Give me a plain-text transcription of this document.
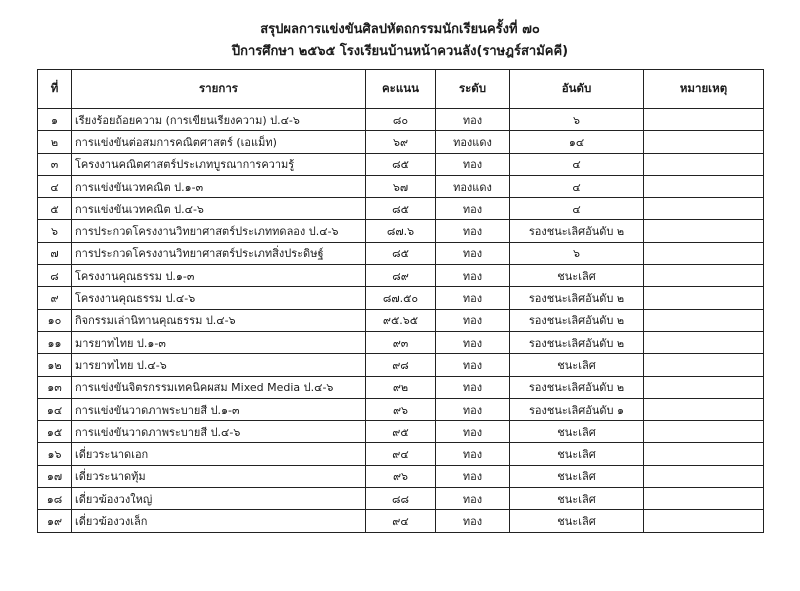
สรุปผลการแข่งขันศิลปหัตถกรรมนักเรียนครั้งที่ ๗๐
ปีการศึกษา ๒๕๖๕ โรงเรียนบ้านหน้าควนลัง(ราษฎร์สามัคคี)
ที่	รายการ	คะแนน	ระดับ	อันดับ	หมายเหตุ
๑	เรียงร้อยถ้อยความ (การเขียนเรียงความ) ป.๔-๖	๘๐	ทอง	๖	
๒	การแข่งขันต่อสมการคณิตศาสตร์ (เอแม็ท)	๖๙	ทองแดง	๑๔	
๓	โครงงานคณิตศาสตร์ประเภทบูรณาการความรู้	๘๕	ทอง	๔	
๔	การแข่งขันเวทคณิต ป.๑-๓	๖๗	ทองแดง	๔	
๕	การแข่งขันเวทคณิต ป.๔-๖	๘๕	ทอง	๔	
๖	การประกวดโครงงานวิทยาศาสตร์ประเภททดลอง ป.๔-๖	๘๗.๖	ทอง	รองชนะเลิศอันดับ ๒	
๗	การประกวดโครงงานวิทยาศาสตร์ประเภทสิ่งประดิษฐ์	๘๕	ทอง	๖	
๘	โครงงานคุณธรรม ป.๑-๓	๘๙	ทอง	ชนะเลิศ	
๙	โครงงานคุณธรรม ป.๔-๖	๘๗.๕๐	ทอง	รองชนะเลิศอันดับ ๒	
๑๐	กิจกรรมเล่านิทานคุณธรรม ป.๔-๖	๙๕.๖๕	ทอง	รองชนะเลิศอันดับ ๒	
๑๑	มารยาทไทย ป.๑-๓	๙๓	ทอง	รองชนะเลิศอันดับ ๒	
๑๒	มารยาทไทย ป.๔-๖	๙๘	ทอง	ชนะเลิศ	
๑๓	การแข่งขันจิตรกรรมเทคนิคผสม Mixed Media ป.๔-๖	๙๒	ทอง	รองชนะเลิศอันดับ ๒	
๑๔	การแข่งขันวาดภาพระบายสี ป.๑-๓	๙๖	ทอง	รองชนะเลิศอันดับ ๑	
๑๕	การแข่งขันวาดภาพระบายสี ป.๔-๖	๙๕	ทอง	ชนะเลิศ	
๑๖	เดี่ยวระนาดเอก	๙๔	ทอง	ชนะเลิศ	
๑๗	เดี่ยวระนาดทุ้ม	๙๖	ทอง	ชนะเลิศ	
๑๘	เดี่ยวฆ้องวงใหญ่	๘๘	ทอง	ชนะเลิศ	
๑๙	เดี่ยวฆ้องวงเล็ก	๙๔	ทอง	ชนะเลิศ	
